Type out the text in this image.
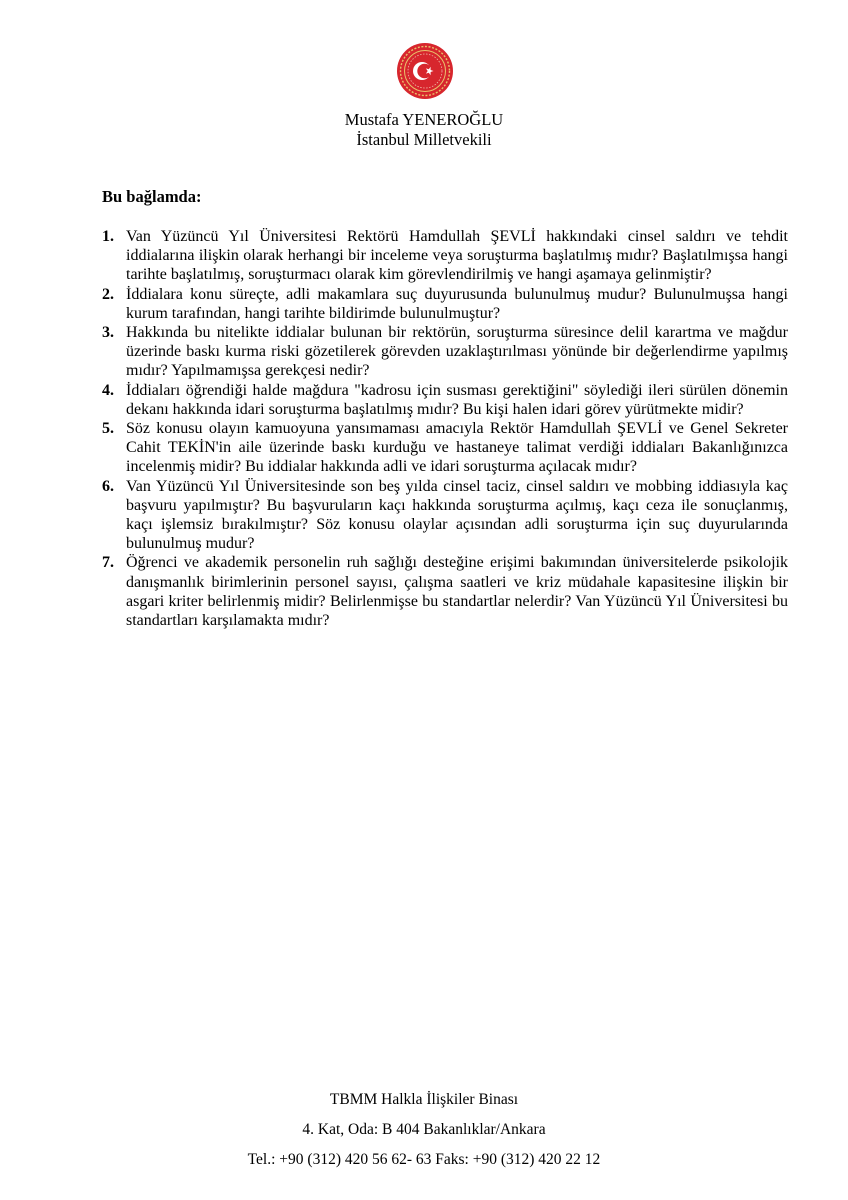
Mustafa YENEROĞLU
İstanbul Milletvekili
Bu bağlamda:
1. Van Yüzüncü Yıl Üniversitesi Rektörü Hamdullah ŞEVLİ hakkındaki cinsel saldırı ve tehdit iddialarına ilişkin olarak herhangi bir inceleme veya soruşturma başlatılmış mıdır? Başlatılmışsa hangi tarihte başlatılmış, soruşturmacı olarak kim görevlendirilmiş ve hangi aşamaya gelinmiştir?
2. İddialara konu süreçte, adli makamlara suç duyurusunda bulunulmuş mudur? Bulunulmuşsa hangi kurum tarafından, hangi tarihte bildirimde bulunulmuştur?
3. Hakkında bu nitelikte iddialar bulunan bir rektörün, soruşturma süresince delil karartma ve mağdur üzerinde baskı kurma riski gözetilerek görevden uzaklaştırılması yönünde bir değerlendirme yapılmış mıdır? Yapılmamışsa gerekçesi nedir?
4. İddiaları öğrendiği halde mağdura "kadrosu için susması gerektiğini" söylediği ileri sürülen dönemin dekanı hakkında idari soruşturma başlatılmış mıdır? Bu kişi halen idari görev yürütmekte midir?
5. Söz konusu olayın kamuoyuna yansımaması amacıyla Rektör Hamdullah ŞEVLİ ve Genel Sekreter Cahit TEKİN'in aile üzerinde baskı kurduğu ve hastaneye talimat verdiği iddiaları Bakanlığınızca incelenmiş midir? Bu iddialar hakkında adli ve idari soruşturma açılacak mıdır?
6. Van Yüzüncü Yıl Üniversitesinde son beş yılda cinsel taciz, cinsel saldırı ve mobbing iddiasıyla kaç başvuru yapılmıştır? Bu başvuruların kaçı hakkında soruşturma açılmış, kaçı ceza ile sonuçlanmış, kaçı işlemsiz bırakılmıştır? Söz konusu olaylar açısından adli soruşturma için suç duyurularında bulunulmuş mudur?
7. Öğrenci ve akademik personelin ruh sağlığı desteğine erişimi bakımından üniversitelerde psikolojik danışmanlık birimlerinin personel sayısı, çalışma saatleri ve kriz müdahale kapasitesine ilişkin bir asgari kriter belirlenmiş midir? Belirlenmişse bu standartlar nelerdir? Van Yüzüncü Yıl Üniversitesi bu standartları karşılamakta mıdır?
TBMM Halkla İlişkiler Binası
4. Kat, Oda: B 404 Bakanlıklar/Ankara
Tel.: +90 (312) 420 56 62- 63 Faks: +90 (312) 420 22 12
